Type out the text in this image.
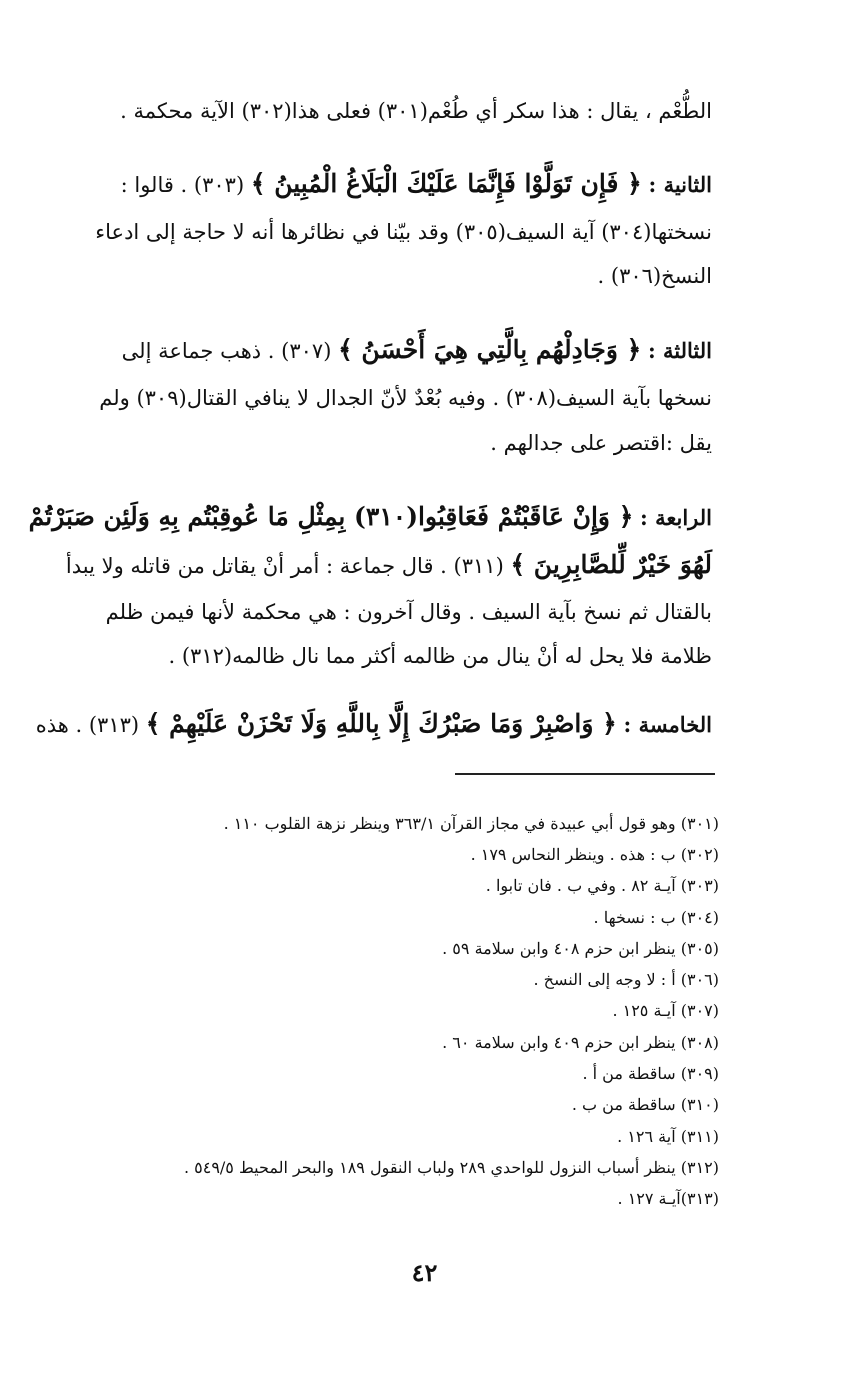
الطُّعْم ، يقال : هذا سكر أي طُعْم(٣٠١) فعلى هذا(٣٠٢) الآية محكمة .
الثانية : ﴿ فَإِن تَوَلَّوْا فَإِنَّمَا عَلَيْكَ الْبَلَاغُ الْمُبِينُ ﴾ (٣٠٣) . قالوا :
نسختها(٣٠٤) آية السيف(٣٠٥) وقد بيّنا في نظائرها أنه لا حاجة إلى ادعاء
النسخ(٣٠٦) .
الثالثة : ﴿ وَجَادِلْهُم بِالَّتِي هِيَ أَحْسَنُ ﴾ (٣٠٧) . ذهب جماعة إلى
نسخها بآية السيف(٣٠٨) . وفيه بُعْدٌ لأنّ الجدال لا ينافي القتال(٣٠٩) ولم
يقل :اقتصر على جدالهم .
الرابعة : ﴿ وَإِنْ عَاقَبْتُمْ فَعَاقِبُوا(٣١٠) بِمِثْلِ مَا عُوقِبْتُم بِهِ وَلَئِن صَبَرْتُمْ
لَهُوَ خَيْرٌ لِّلصَّابِرِينَ ﴾ (٣١١) . قال جماعة : أمر أنْ يقاتل من قاتله ولا يبدأ
بالقتال ثم نسخ بآية السيف . وقال آخرون : هي محكمة لأنها فيمن ظلم
ظلامة فلا يحل له أنْ ينال من ظالمه أكثر مما نال ظالمه(٣١٢) .
الخامسة : ﴿ وَاصْبِرْ وَمَا صَبْرُكَ إِلَّا بِاللَّهِ وَلَا تَحْزَنْ عَلَيْهِمْ ﴾ (٣١٣) . هذه
(٣٠١) وهو قول أبي عبيدة في مجاز القرآن ٣٦٣/١ وينظر نزهة القلوب ١١٠ .
(٣٠٢) ب : هذه . وينظر النحاس ١٧٩ .
(٣٠٣) آيـة ٨٢ . وفي ب . فان تابوا .
(٣٠٤) ب : نسخها .
(٣٠٥) ينظر ابن حزم ٤٠٨ وابن سلامة ٥٩ .
(٣٠٦) أ : لا وجه إلى النسخ .
(٣٠٧) آيـة ١٢٥ .
(٣٠٨) ينظر ابن حزم ٤٠٩ وابن سلامة ٦٠ .
(٣٠٩) ساقطة من أ .
(٣١٠) ساقطة من ب .
(٣١١) آية ١٢٦ .
(٣١٢) ينظر أسباب النزول للواحدي ٢٨٩ ولباب النقول ١٨٩ والبحر المحيط ٥٤٩/٥ .
(٣١٣)آيـة ١٢٧ .
٤٢
